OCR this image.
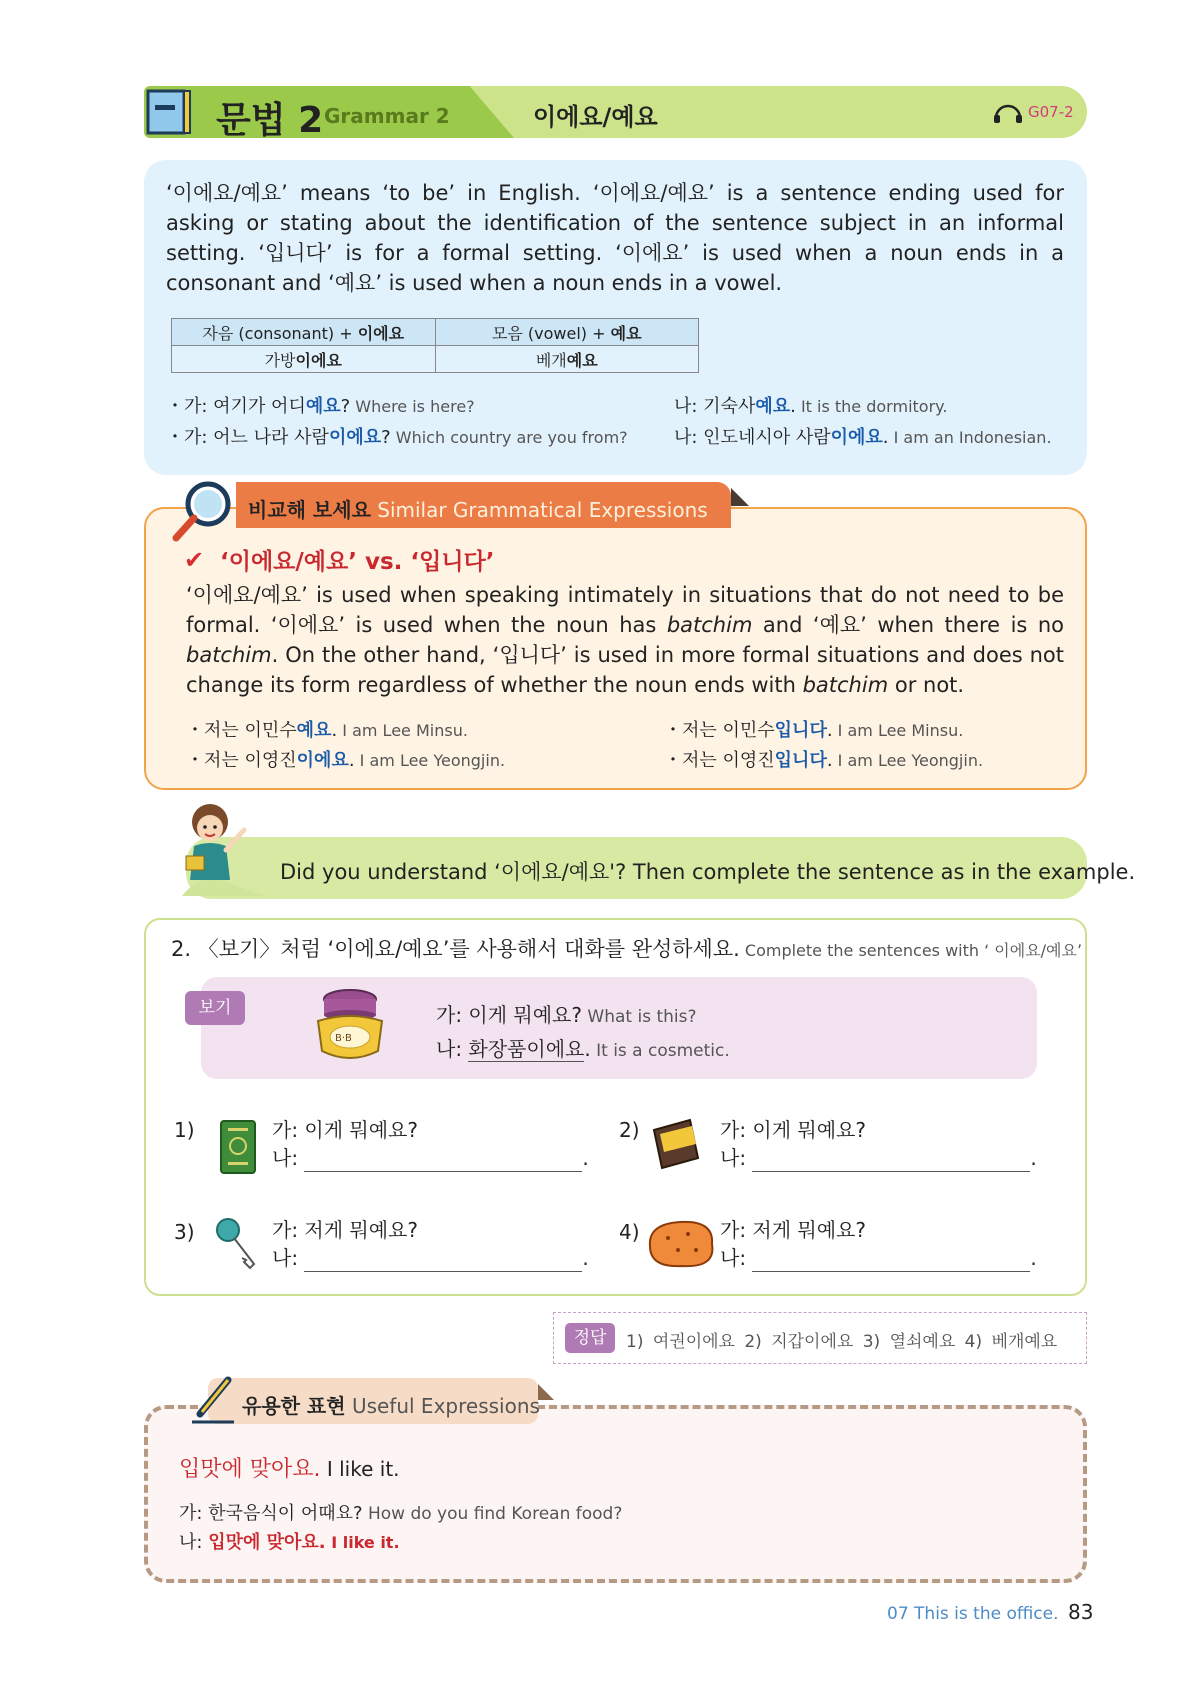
문법 2 Grammar 2	이에요/예요	G07-2
‘이에요/예요’ means ‘to be’ in English. ‘이에요/예요’ is a sentence ending used for asking or stating about the identification of the sentence subject in an informal setting. ‘입니다’ is for a formal setting. ‘이에요’ is used when a noun ends in a consonant and ‘예요’ is used when a noun ends in a vowel.
자음 (consonant) + 이에요	모음 (vowel) + 예요
가방이에요	베개예요
・가: 여기가 어디예요? Where is here?	나: 기숙사예요. It is the dormitory.
・가: 어느 나라 사람이에요? Which country are you from?	나: 인도네시아 사람이에요. I am an Indonesian.
비교해 보세요 Similar Grammatical Expressions
✔ ‘이에요/예요’ vs. ‘입니다’
‘이에요/예요’ is used when speaking intimately in situations that do not need to be formal. ‘이에요’ is used when the noun has batchim and ‘예요’ when there is no batchim. On the other hand, ‘입니다’ is used in more formal situations and does not change its form regardless of whether the noun ends with batchim or not.
・저는 이민수예요. I am Lee Minsu.	・저는 이민수입니다. I am Lee Minsu.
・저는 이영진이에요. I am Lee Yeongjin.	・저는 이영진입니다. I am Lee Yeongjin.
Did you understand ‘이에요/예요'? Then complete the sentence as in the example.
2. 〈보기〉처럼 ‘이에요/예요’를 사용해서 대화를 완성하세요. Complete the sentences with ‘ 이에요/예요’
보기
B·B
가: 이게 뭐예요? What is this?
나: 화장품이에요. It is a cosmetic.
1)	가: 이게 뭐예요?
나:	.
2)	가: 이게 뭐예요?
나:	.
3)	가: 저게 뭐예요?
나:	.
4)	가: 저게 뭐예요?
나:	.
정답	1) 여권이에요 2) 지갑이에요 3) 열쇠예요 4) 베개예요
유용한 표현 Useful Expressions
입맛에 맞아요. I like it.
가: 한국음식이 어때요? How do you find Korean food?
나: 입맛에 맞아요. I like it.
07 This is the office. 83
